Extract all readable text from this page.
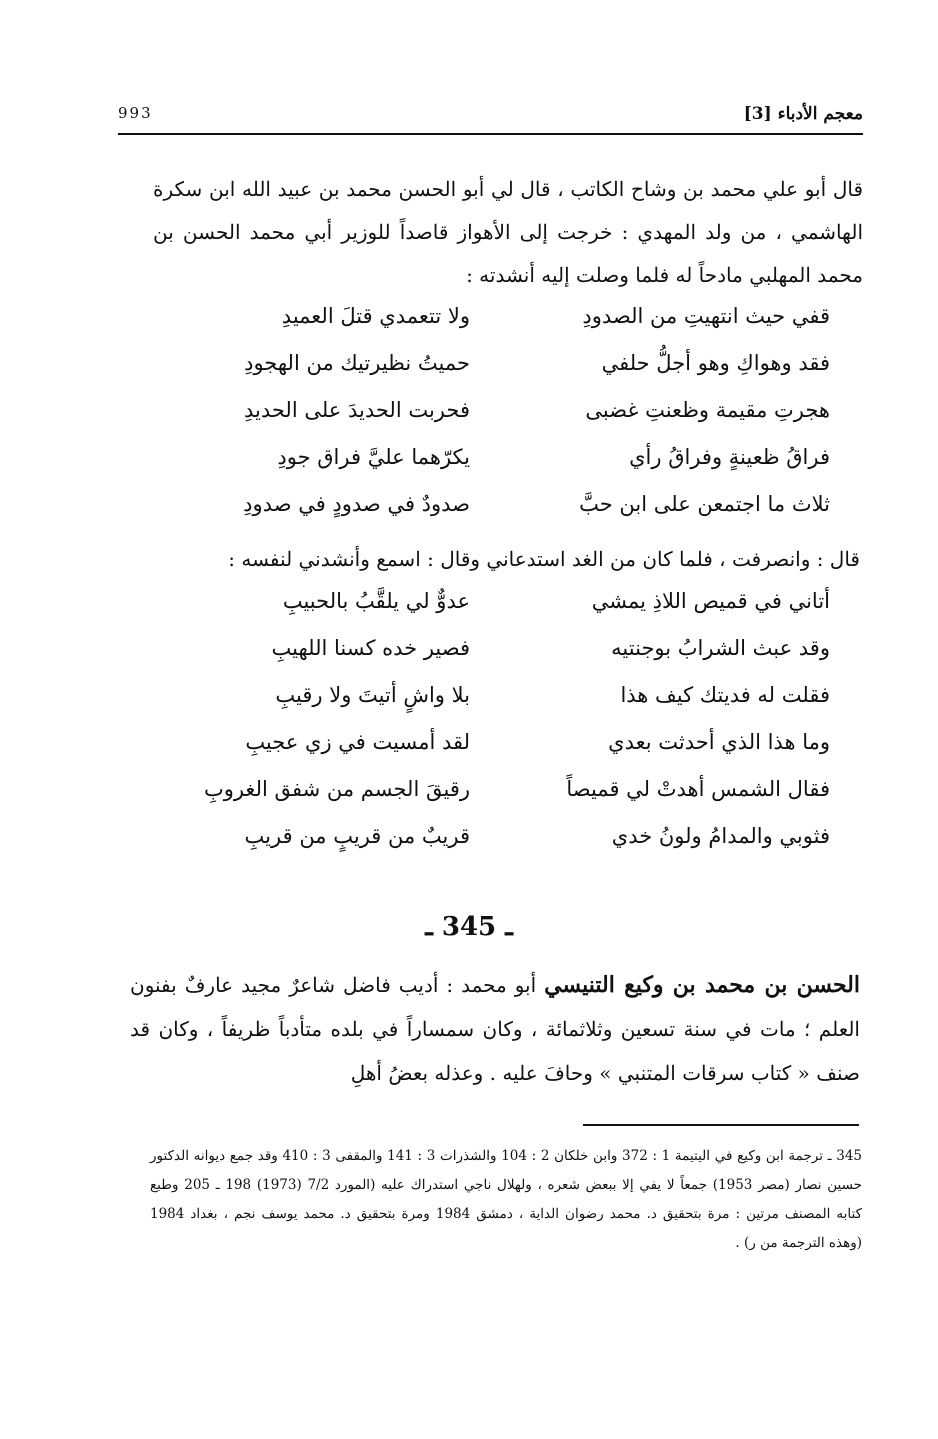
معجم الأدباء [3]
993
قال أبو علي محمد بن وشاح الكاتب ، قال لي أبو الحسن محمد بن عبيد الله ابن سكرة الهاشمي ، من ولد المهدي : خرجت إلى الأهواز قاصداً للوزير أبي محمد الحسن بن محمد المهلبي مادحاً له فلما وصلت إليه أنشدته :
قفي حيث انتهيتِ من الصدودِ
ولا تتعمدي قتلَ العميدِ
فقد وهواكِ وهو أجلُّ حلفي
حميتُ نظيرتيك من الهجودِ
هجرتِ مقيمة وظعنتِ غضبى
فحربت الحديدَ على الحديدِ
فراقُ ظعينةٍ وفراقُ رأي
يكرّهما عليَّ فراق جودِ
ثلاث ما اجتمعن على ابن حبَّ
صدودٌ في صدودٍ في صدودِ
قال : وانصرفت ، فلما كان من الغد استدعاني وقال : اسمع وأنشدني لنفسه :
أتاني في قميص اللاذِ يمشي
عدوٌّ لي يلقَّبُ بالحبيبِ
وقد عبث الشرابُ بوجنتيه
فصير خده كسنا اللهيبِ
فقلت له فديتك كيف هذا
بلا واشٍ أتيتَ ولا رقيبِ
وما هذا الذي أحدثت بعدي
لقد أمسيت في زي عجيبِ
فقال الشمس أهدتْ لي قميصاً
رقيقَ الجسم من شفق الغروبِ
فثوبي والمدامُ ولونُ خدي
قريبٌ من قريبٍ من قريبِ
ـ 345 ـ
الحسن بن محمد بن وكيع التنيسي أبو محمد : أديب فاضل شاعرٌ مجيد عارفٌ بفنون العلم ؛ مات في سنة تسعين وثلاثمائة ، وكان سمساراً في بلده متأدباً ظريفاً ، وكان قد صنف « كتاب سرقات المتنبي » وحافَ عليه . وعذله بعضُ أهلِ
345 ـ ترجمة ابن وكيع في اليتيمة 1 : 372 وابن خلكان 2 : 104 والشذرات 3 : 141 والمقفى 3 : 410 وقد جمع ديوانه الدكتور حسين نصار (مصر 1953) جمعاً لا يفي إلا ببعض شعره ، ولهلال ناجي استدراك عليه (المورد 7/2 (1973) 198 ـ 205 وطبع كتابه المصنف مرتين : مرة بتحقيق د. محمد رضوان الداية ، دمشق 1984 ومرة بتحقيق د. محمد يوسف نجم ، بغداد 1984 (وهذه الترجمة من ر) .
